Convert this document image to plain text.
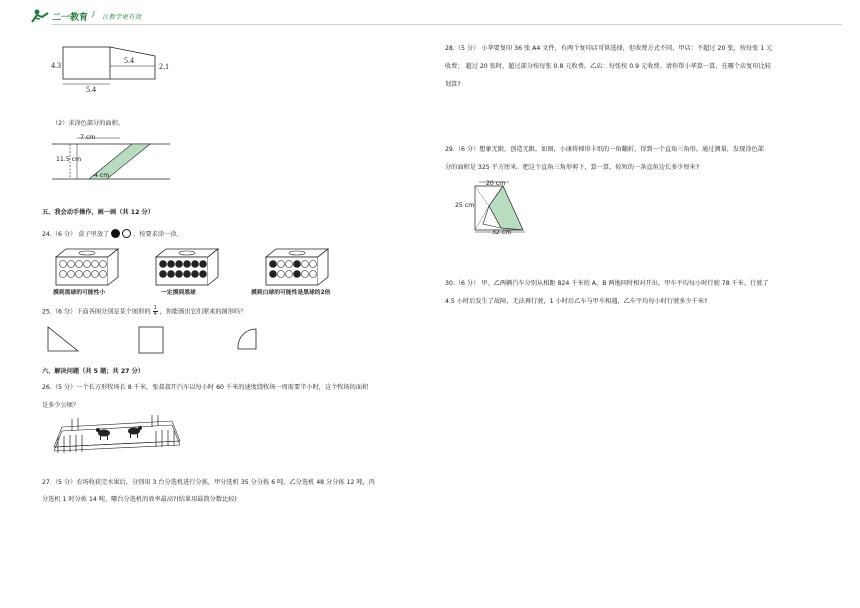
二一教育 / 让教学更有效
4.3
5.4
2.1
5.4
（2）求涂色部分的面积。
7 cm
11.5 cm
4 cm
五、我会动手操作，画一画（共 12 分）
24.（6 分） 盒子里放了	，按要求涂一涂。
摸到黑球的可能性小	一定摸到黑球	摸到白球的可能性是黑球的2倍
25.（6 分）下面各图分别是某个图形的 $\frac{1}{4}$ ，你能画出它们原来的图形吗？
六、解决问题（共 5 题；共 27 分）
26.（5 分）一个长方形牧场长 8 千米，张叔叔开汽车以每小时 60 千米的速度绕牧场一周需要半小时，这个牧场的面积
是多少公顷？
27.（5 分）农场收获完水果后，分别用 3 台分选机进行分拣，甲分选机 35 分分拣 6 吨，乙分选机 48 分分拣 12 吨，丙
分选机 1 时分拣 14 吨，哪台分选机的效率最高?(结果用最简分数比较)
28.（5 分） 小华要复印 36 张 A4 文件，有两个复印店可供选择，但收费方式不同，甲店：不超过 20 张，按每张 1 元
收费； 超过 20 张时，超过部分按每张 0.8 元收费。乙店：每张按 0.9 元收费。请你帮小华算一算，在哪个店复印比较
划算?
29.（6 分）想象无限，创造无限。如图，小康将梯形卡纸的一角翻折，得到一个直角三角形，通过测量，发现涂色部
分的面积是 325 平方厘米。把这个直角三角形剪下，算一算，较短的一条直角边长多少厘米?
20 cm
25 cm
32 cm
30.（6 分） 甲、乙两辆汽车分别从相距 824 千米的 A、B 两地同时相对开出。甲车平均每小时行驶 78 千米，行驶了
4.5 小时后发生了故障，无法再行驶，1 小时后乙车与甲车相遇，乙车平均每小时行驶多少千米?
